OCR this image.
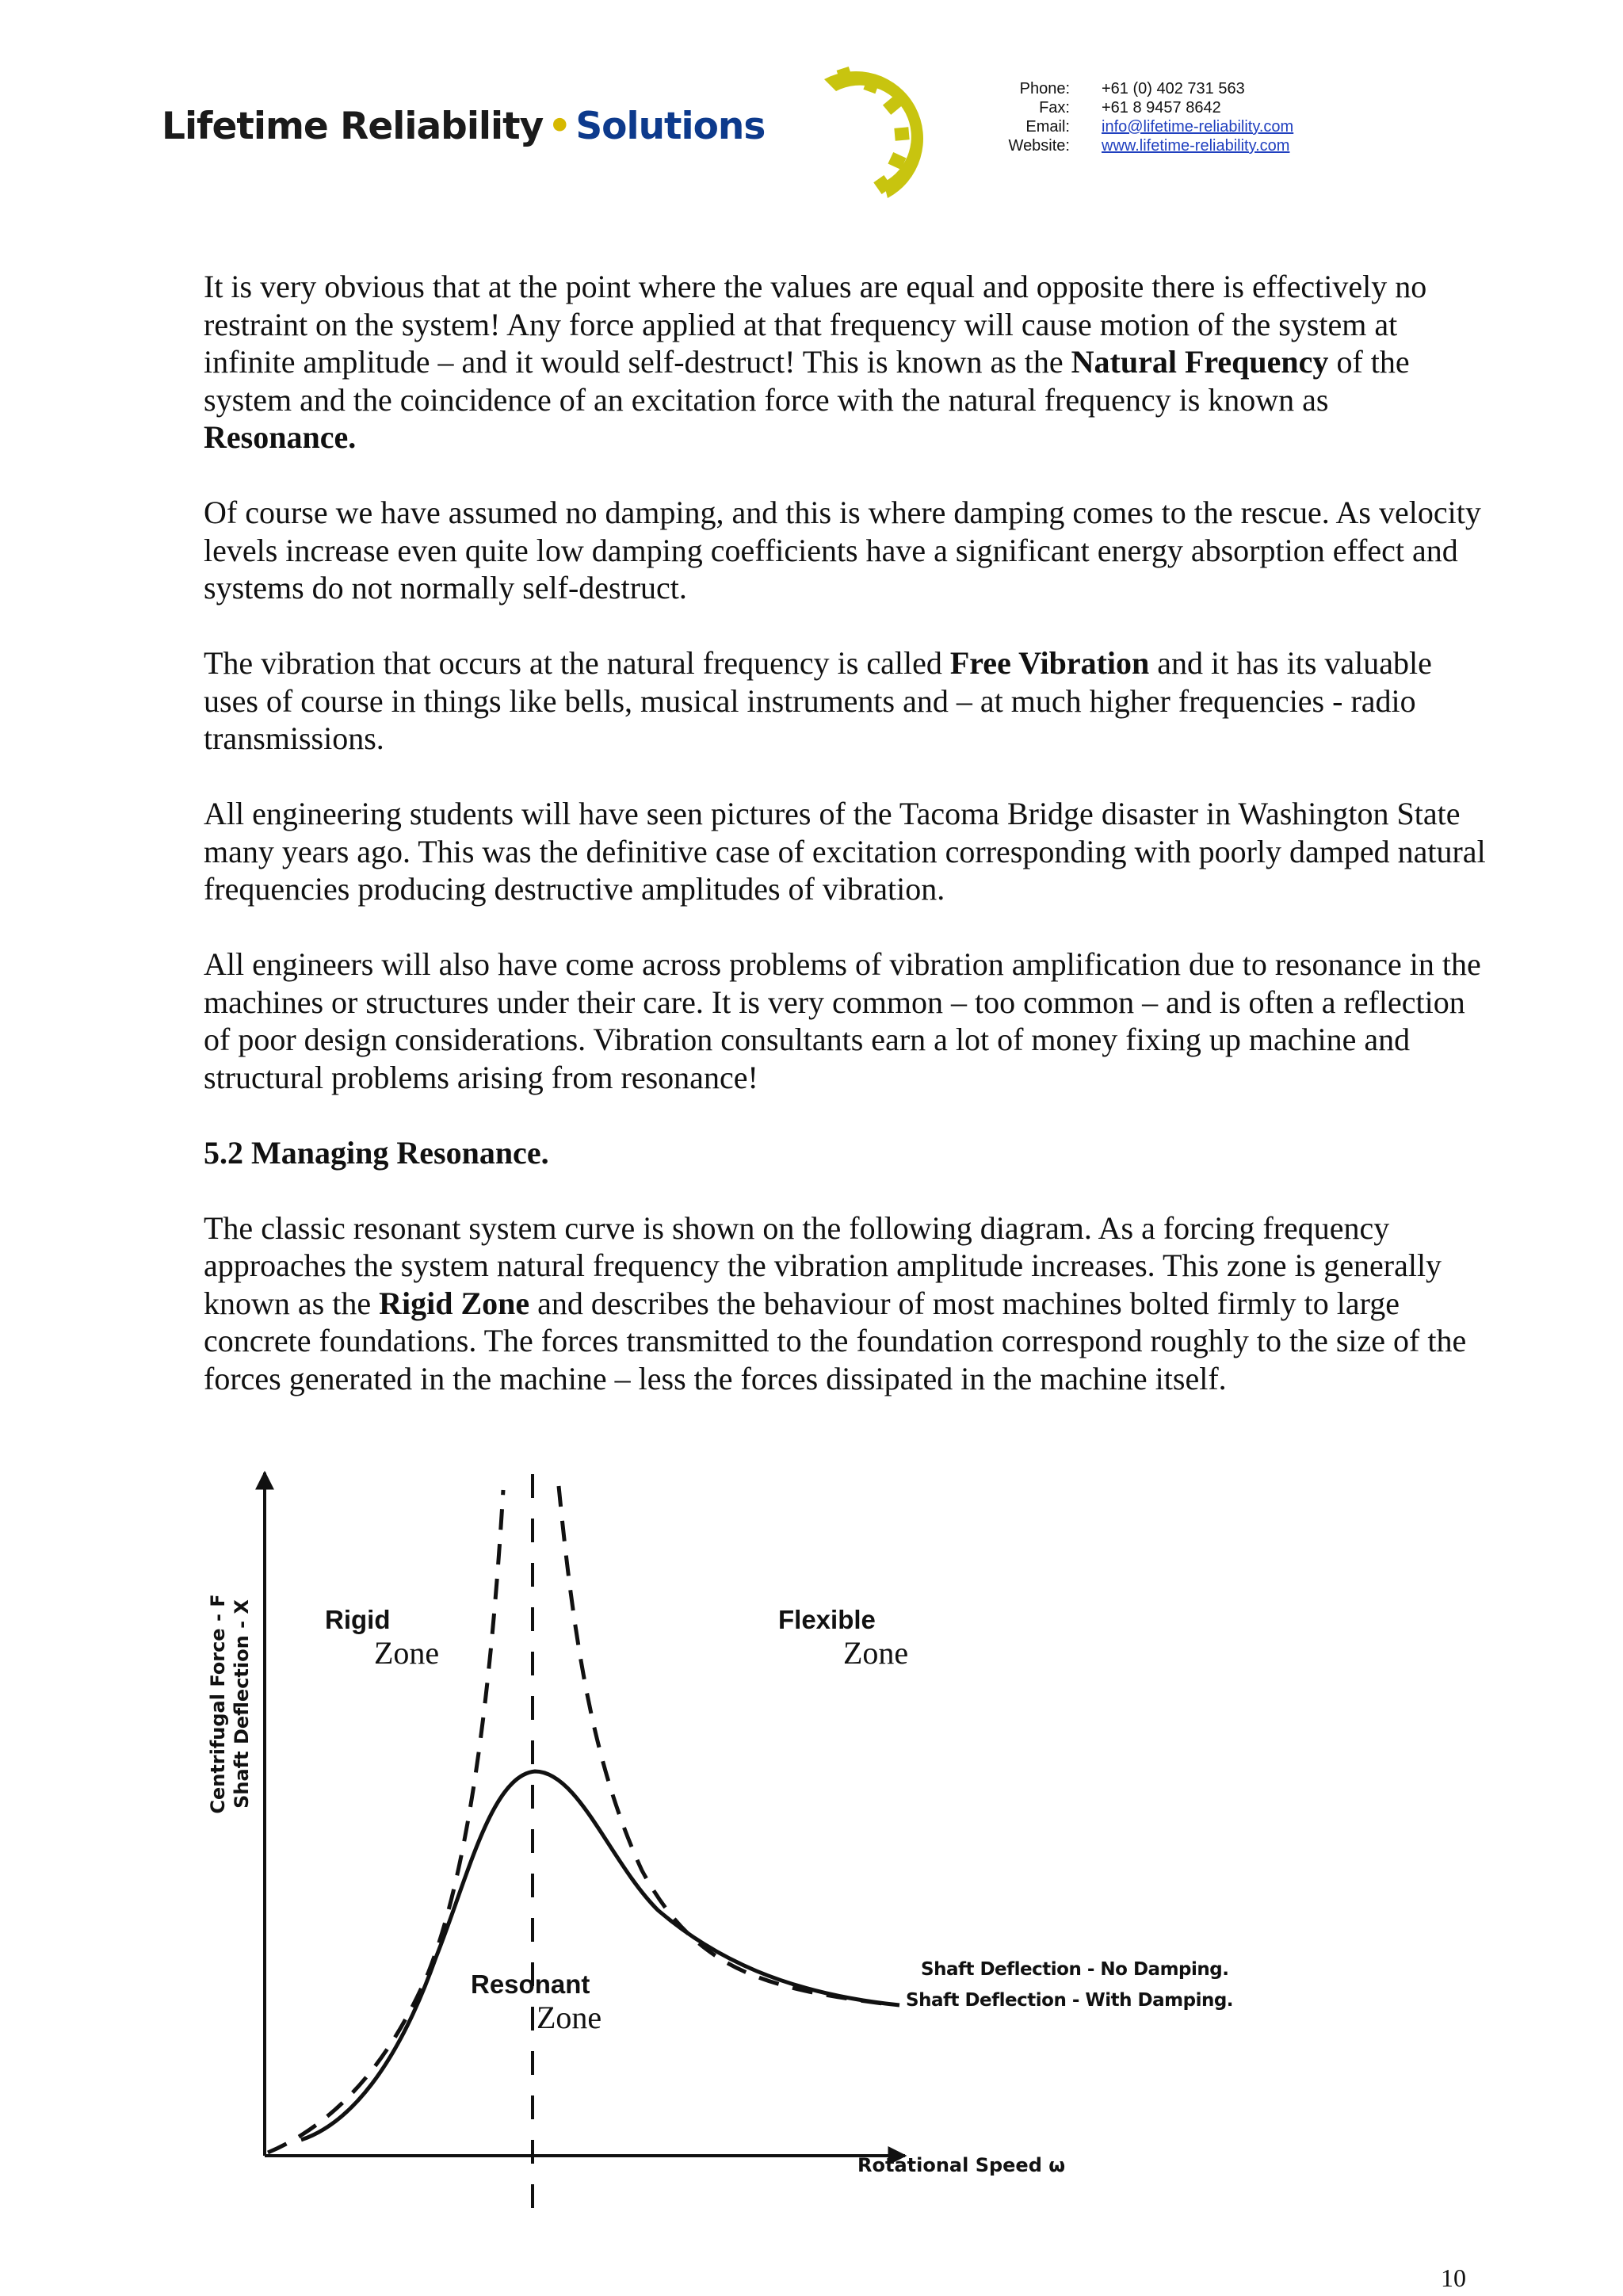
Lifetime Reliability • Solutions
Phone:	+61 (0) 402 731 563
Fax:	+61 8 9457 8642
Email:	info@lifetime-reliability.com
Website:	www.lifetime-reliability.com

It is very obvious that at the point where the values are equal and opposite there is effectively no restraint on the system! Any force applied at that frequency will cause motion of the system at infinite amplitude – and it would self-destruct! This is known as the Natural Frequency of the system and the coincidence of an excitation force with the natural frequency is known as Resonance.

Of course we have assumed no damping, and this is where damping comes to the rescue. As velocity levels increase even quite low damping coefficients have a significant energy absorption effect and systems do not normally self-destruct.

The vibration that occurs at the natural frequency is called Free Vibration and it has its valuable uses of course in things like bells, musical instruments and – at much higher frequencies - radio transmissions.

All engineering students will have seen pictures of the Tacoma Bridge disaster in Washington State many years ago. This was the definitive case of excitation corresponding with poorly damped natural frequencies producing destructive amplitudes of vibration.

All engineers will also have come across problems of vibration amplification due to resonance in the machines or structures under their care. It is very common – too common – and is often a reflection of poor design considerations. Vibration consultants earn a lot of money fixing up machine and structural problems arising from resonance!

5.2 Managing Resonance.

The classic resonant system curve is shown on the following diagram. As a forcing frequency approaches the system natural frequency the vibration amplitude increases. This zone is generally known as the Rigid Zone and describes the behaviour of most machines bolted firmly to large concrete foundations. The forces transmitted to the foundation correspond roughly to the size of the forces generated in the machine – less the forces dissipated in the machine itself.

Rigid
Zone
Flexible
Zone
Resonant
Zone
Shaft Deflection - No Damping.
Shaft Deflection - With Damping.
Rotational Speed ω
Centrifugal Force - F Shaft Deflection - X
10
